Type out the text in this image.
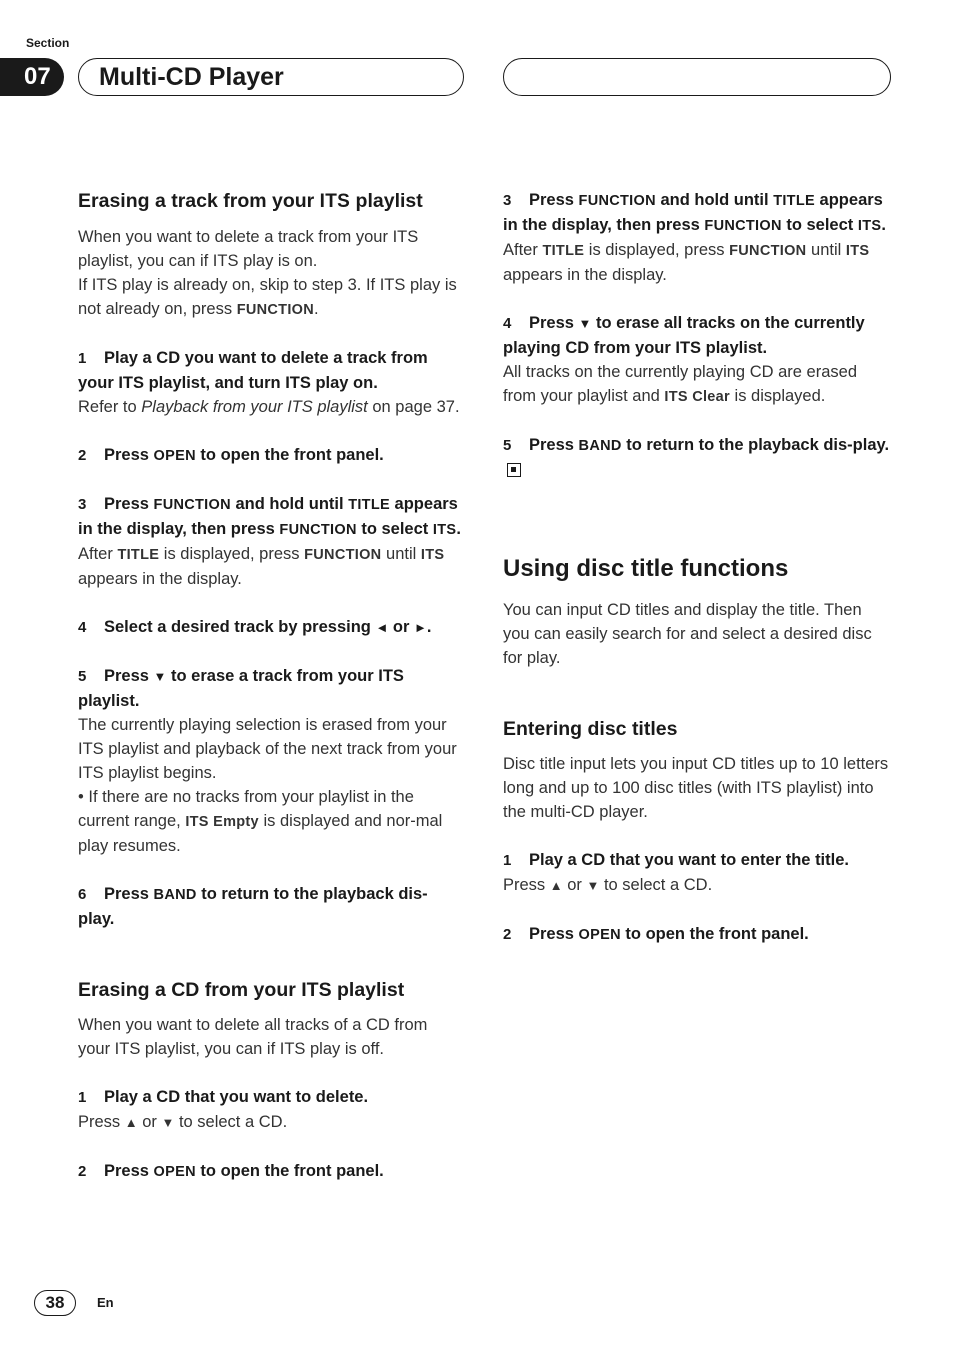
Section
07	Multi-CD Player
Erasing a track from your ITS playlist

When you want to delete a track from your ITS playlist, you can if ITS play is on.

If ITS play is already on, skip to step 3. If ITS play is not already on, press FUNCTION.

1 Play a CD you want to delete a track from your ITS playlist, and turn ITS play on.

Refer to Playback from your ITS playlist on page 37.

2 Press OPEN to open the front panel.

3 Press FUNCTION and hold until TITLE appears in the display, then press FUNCTION to select ITS.

After TITLE is displayed, press FUNCTION until ITS appears in the display.

4 Select a desired track by pressing ◄ or ►.

5 Press ▼ to erase a track from your ITS playlist.

The currently playing selection is erased from your ITS playlist and playback of the next track from your ITS playlist begins.

• If there are no tracks from your playlist in the current range, ITS Empty is displayed and nor-mal play resumes.

6 Press BAND to return to the playback dis-play.

Erasing a CD from your ITS playlist

When you want to delete all tracks of a CD from your ITS playlist, you can if ITS play is off.

1 Play a CD that you want to delete.

Press ▲ or ▼ to select a CD.

2 Press OPEN to open the front panel.

3 Press FUNCTION and hold until TITLE appears in the display, then press FUNCTION to select ITS.

After TITLE is displayed, press FUNCTION until ITS appears in the display.

4 Press ▼ to erase all tracks on the currently playing CD from your ITS playlist.

All tracks on the currently playing CD are erased from your playlist and ITS Clear is displayed.

5 Press BAND to return to the playback dis-play.

Using disc title functions

You can input CD titles and display the title. Then you can easily search for and select a desired disc for play.

Entering disc titles

Disc title input lets you input CD titles up to 10 letters long and up to 100 disc titles (with ITS playlist) into the multi-CD player.

1 Play a CD that you want to enter the title.

Press ▲ or ▼ to select a CD.

2 Press OPEN to open the front panel.

38	En
